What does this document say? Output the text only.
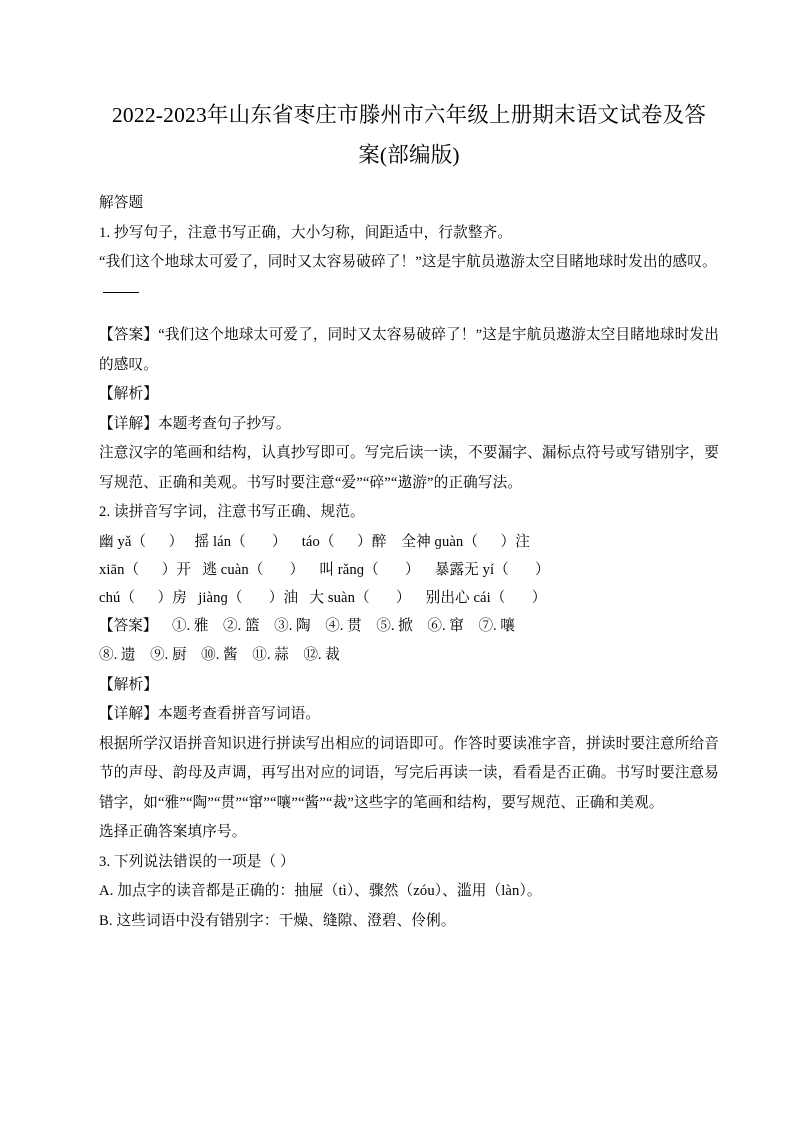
2022-2023年山东省枣庄市滕州市六年级上册期末语文试卷及答案(部编版)

解答题

1. 抄写句子，注意书写正确，大小匀称，间距适中，行款整齐。

“我们这个地球太可爱了，同时又太容易破碎了！”这是宇航员遨游太空目睹地球时发出的感叹。

【答案】“我们这个地球太可爱了，同时又太容易破碎了！”这是宇航员遨游太空目睹地球时发出的感叹。

【解析】

【详解】本题考查句子抄写。

注意汉字的笔画和结构，认真抄写即可。写完后读一读，不要漏字、漏标点符号或写错别字，要写规范、正确和美观。书写时要注意“爱”“碎”“遨游”的正确写法。

2. 读拼音写字词，注意书写正确、规范。

幽 yǎ（      ）   摇 lán（       ）    táo（      ）醉    全神 ɡuàn（      ）注

xiān（      ）开   逃 cuàn（       ）    叫 rǎnɡ（       ）    暴露无 yí（       ）

chú（      ）房   jiànɡ（       ）油   大 suàn（       ）    别出心 cái（       ）

【答案】    ①. 雅    ②. 篮    ③. 陶    ④. 贯    ⑤. 掀    ⑥. 窜    ⑦. 嚷

⑧. 遗    ⑨. 厨    ⑩. 酱    ⑪. 蒜    ⑫. 裁

【解析】

【详解】本题考查看拼音写词语。

根据所学汉语拼音知识进行拼读写出相应的词语即可。作答时要读准字音，拼读时要注意所给音节的声母、韵母及声调，再写出对应的词语，写完后再读一读，看看是否正确。书写时要注意易错字，如“雅”“陶”“贯”“窜”“嚷”“酱”“裁”这些字的笔画和结构，要写规范、正确和美观。

选择正确答案填序号。

3. 下列说法错误的一项是（ ）

A. 加点字的读音都是正确的：抽屉（tì）、骤然（zóu）、滥用（làn）。

B. 这些词语中没有错别字：干燥、缝隙、澄碧、伶俐。
